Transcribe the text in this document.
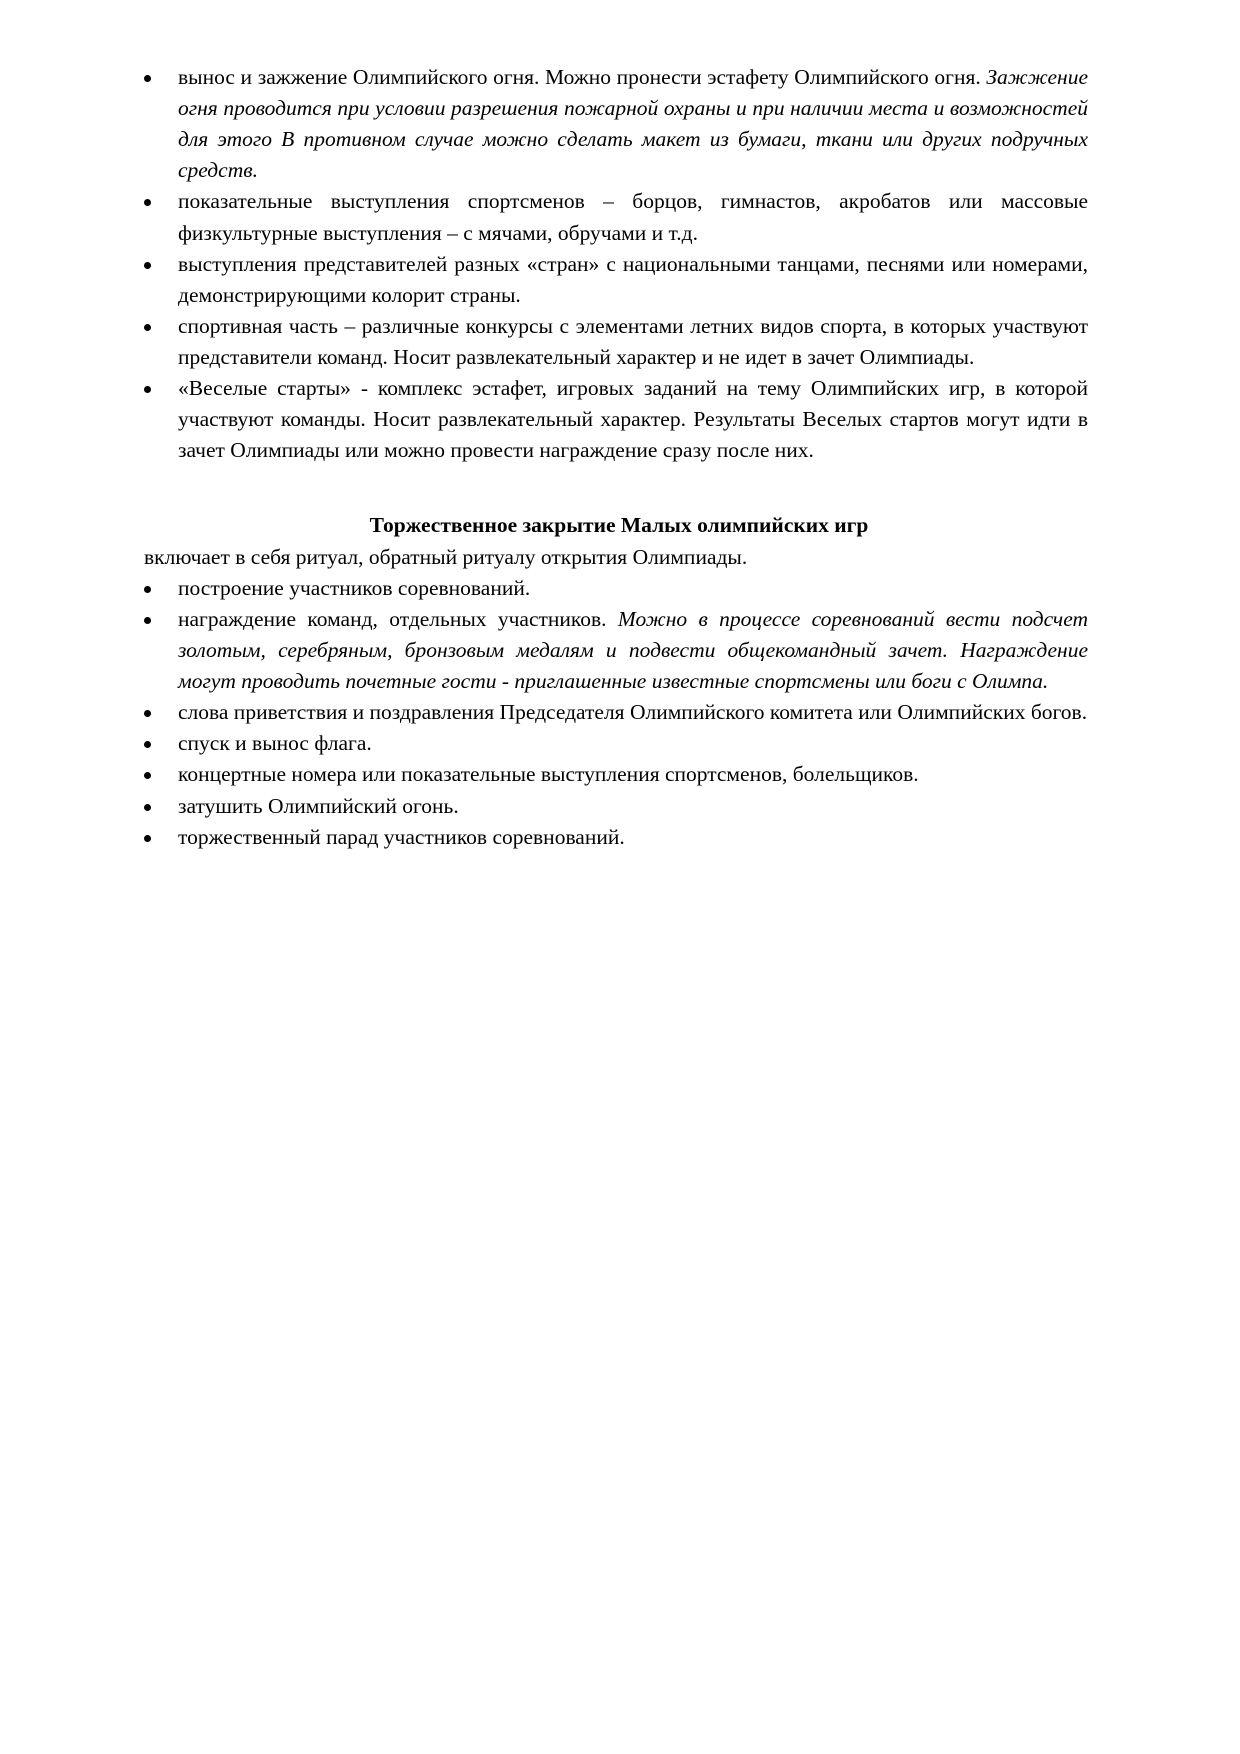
вынос и зажжение Олимпийского огня. Можно пронести эстафету Олимпийского огня. Зажжение огня проводится при условии разрешения пожарной охраны и при наличии места и возможностей для этого В противном случае можно сделать макет из бумаги, ткани или других подручных средств.
показательные выступления спортсменов – борцов, гимнастов, акробатов или массовые физкультурные выступления – с мячами, обручами и т.д.
выступления представителей разных «стран» с национальными танцами, песнями или номерами, демонстрирующими колорит страны.
спортивная часть – различные конкурсы с элементами летних видов спорта, в которых участвуют представители команд. Носит развлекательный характер и не идет в зачет Олимпиады.
«Веселые старты» - комплекс эстафет, игровых заданий на тему Олимпийских игр, в которой участвуют команды. Носит развлекательный характер. Результаты Веселых стартов могут идти в зачет Олимпиады или можно провести награждение сразу после них.
Торжественное закрытие Малых олимпийских игр
включает в себя ритуал, обратный ритуалу открытия Олимпиады.
построение участников соревнований.
награждение команд, отдельных участников. Можно в процессе соревнований вести подсчет золотым, серебряным, бронзовым медалям и подвести общекомандный зачет. Награждение могут проводить почетные гости - приглашенные известные спортсмены или боги с Олимпа.
слова приветствия и поздравления Председателя Олимпийского комитета или Олимпийских богов.
спуск и вынос флага.
концертные номера или показательные выступления спортсменов, болельщиков.
затушить Олимпийский огонь.
торжественный парад участников соревнований.
